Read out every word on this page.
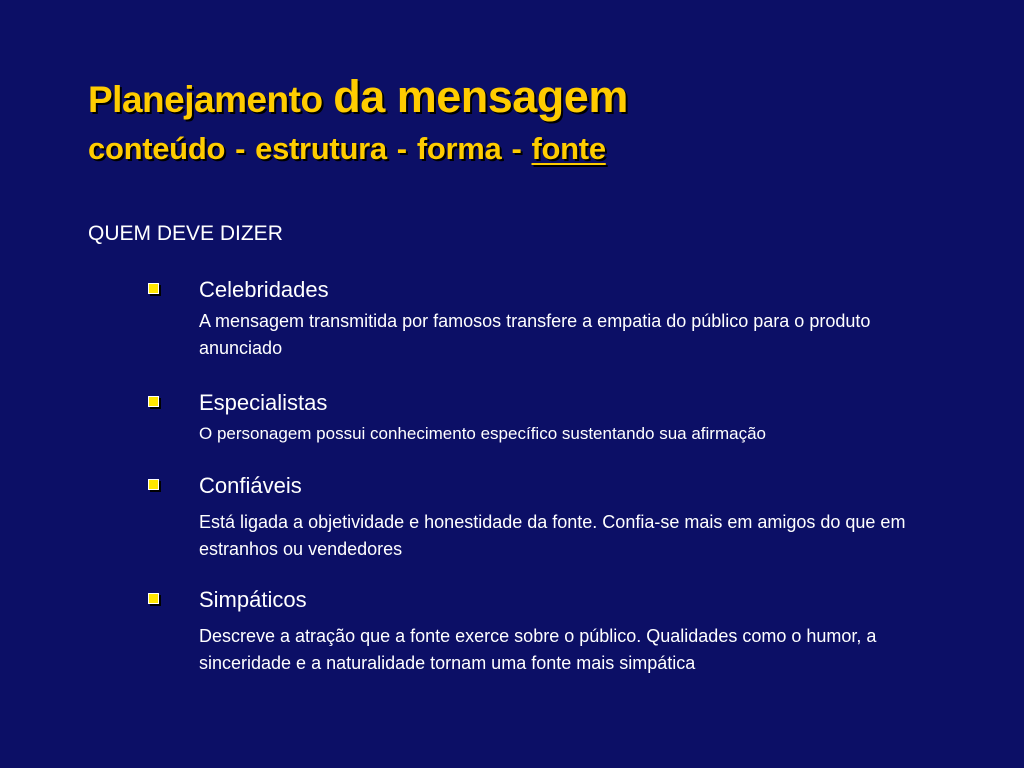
Planejamento da mensagem
conteúdo - estrutura - forma - fonte
QUEM DEVE DIZER
Celebridades
A mensagem transmitida por famosos transfere a empatia do público para o produto anunciado
Especialistas
O personagem possui conhecimento específico sustentando sua afirmação
Confiáveis
Está ligada a objetividade e honestidade da fonte. Confia-se mais em amigos do que em estranhos ou vendedores
Simpáticos
Descreve a atração que a fonte exerce sobre o público. Qualidades como o humor, a sinceridade e a naturalidade tornam uma fonte mais simpática
